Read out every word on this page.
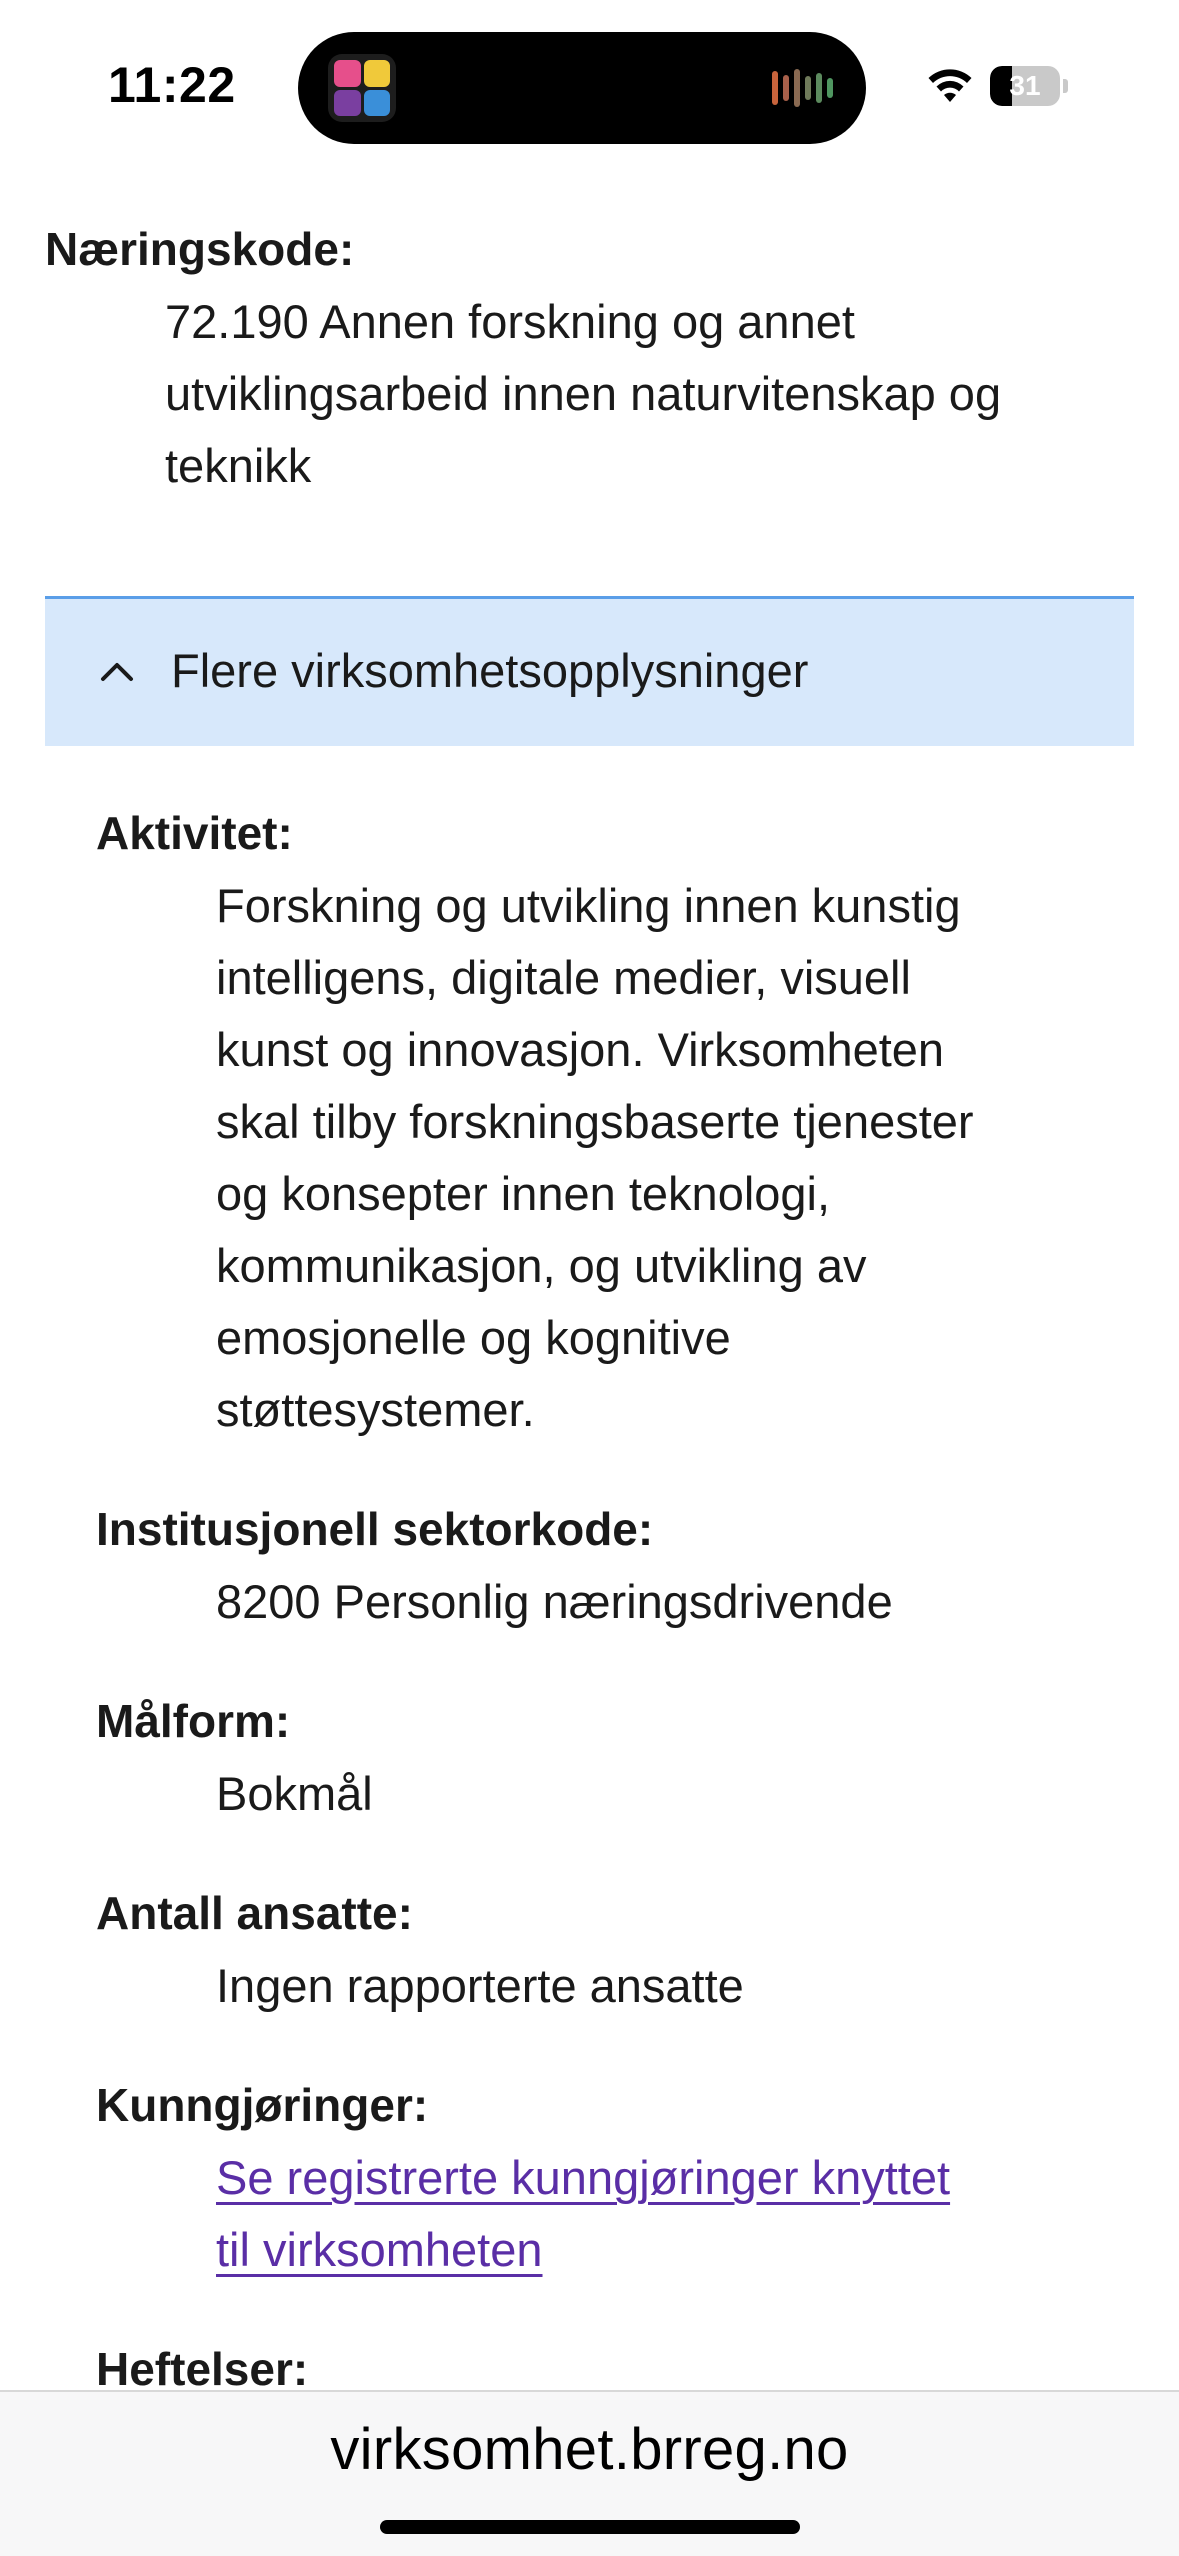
Næringskode:
72.190 Annen forskning og annet
utviklingsarbeid innen naturvitenskap og
teknikk
Flere virksomhetsopplysninger
Aktivitet:
Forskning og utvikling innen kunstig
intelligens, digitale medier, visuell
kunst og innovasjon. Virksomheten
skal tilby forskningsbaserte tjenester
og konsepter innen teknologi,
kommunikasjon, og utvikling av
emosjonelle og kognitive
støttesystemer.
Institusjonell sektorkode:
8200 Personlig næringsdrivende
Målform:
Bokmål
Antall ansatte:
Ingen rapporterte ansatte
Kunngjøringer:
Se registrerte kunngjøringer knyttet
til virksomheten
Heftelser:
11:22	31
virksomhet.brreg.no
